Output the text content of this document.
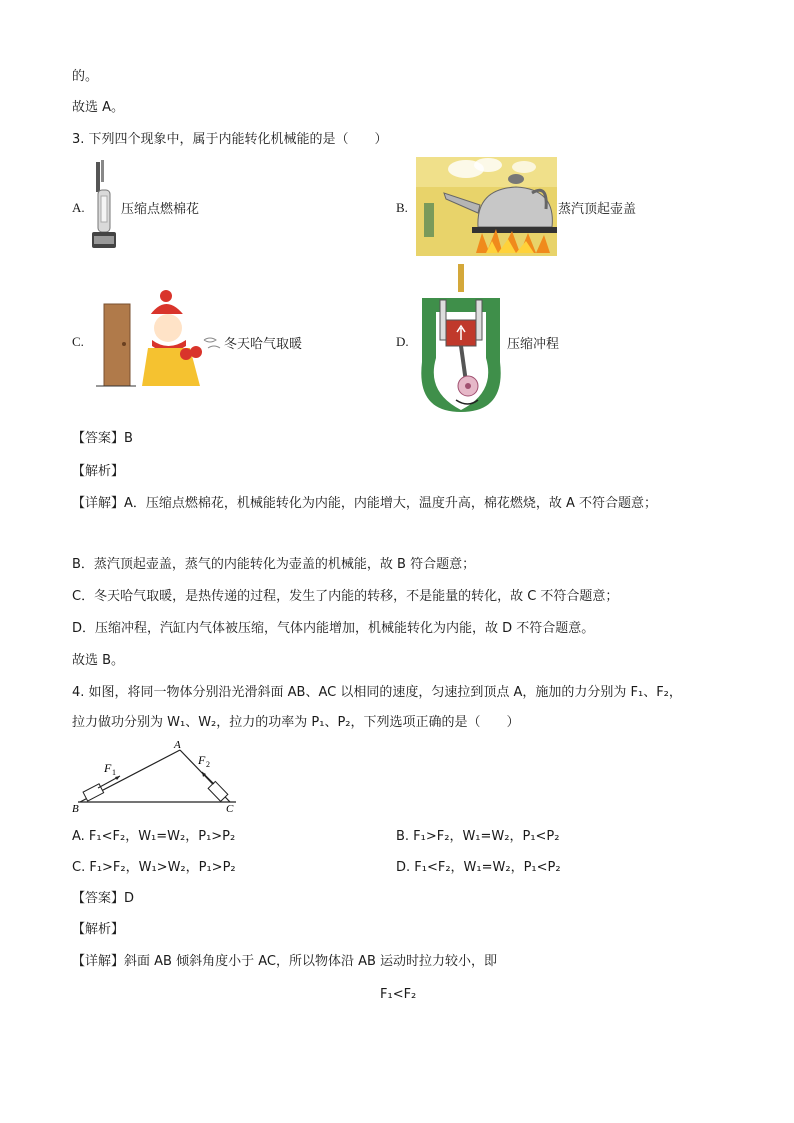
的。
故选 A。
3. 下列四个现象中，属于内能转化机械能的是（　　）
A.	压缩点燃棉花	B.	蒸汽顶起壶盖
C.	冬天哈气取暖	D.	压缩冲程
【答案】B
【解析】
【详解】A．压缩点燃棉花，机械能转化为内能，内能增大，温度升高，棉花燃烧，故 A 不符合题意；
B．蒸汽顶起壶盖，蒸气的内能转化为壶盖的机械能，故 B 符合题意；
C．冬天哈气取暖，是热传递的过程，发生了内能的转移，不是能量的转化，故 C 不符合题意；
D．压缩冲程，汽缸内气体被压缩，气体内能增加，机械能转化为内能，故 D 不符合题意。
故选 B。
4. 如图，将同一物体分别沿光滑斜面 AB、AC 以相同的速度，匀速拉到顶点 A，施加的力分别为 F₁、F₂，
拉力做功分别为 W₁、W₂，拉力的功率为 P₁、P₂，下列选项正确的是（　　）
A
B	C
F 1
F 2
A. F₁<F₂，W₁=W₂，P₁>P₂	B. F₁>F₂，W₁=W₂，P₁<P₂
C. F₁>F₂，W₁>W₂，P₁>P₂	D. F₁<F₂，W₁=W₂，P₁<P₂
【答案】D
【解析】
【详解】斜面 AB 倾斜角度小于 AC，所以物体沿 AB 运动时拉力较小，即
F₁<F₂
